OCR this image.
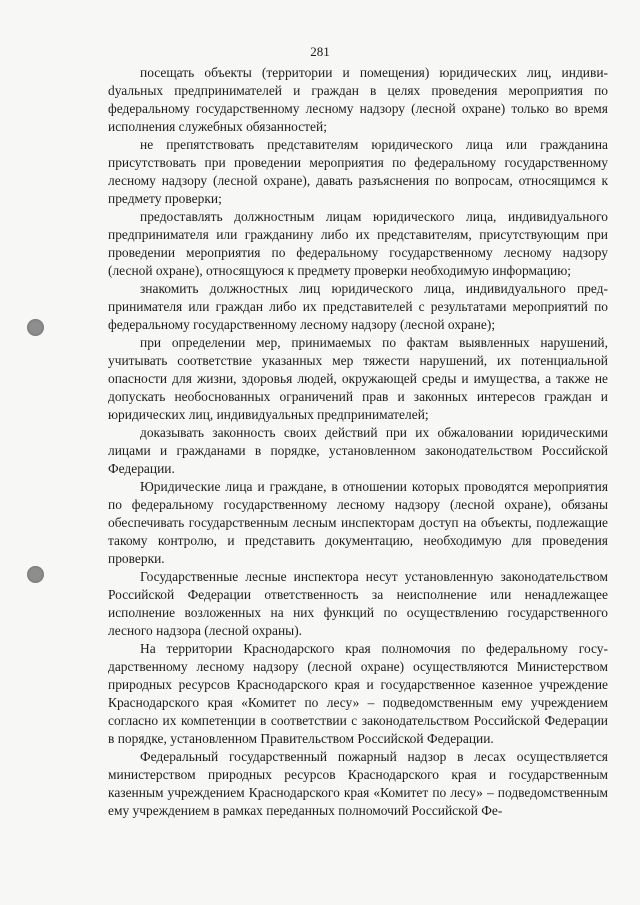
281

посещать объекты (территории и помещения) юридических лиц, индивиdуальных предпринимателей и граждан в целях проведения мероприятия по федеральному государственному лесному надзору (лесной охране) только во время исполнения служебных обязанностей;

не препятствовать представителям юридического лица или гражданина присутствовать при проведении мероприятия по федеральному государственному лесному надзору (лесной охране), давать разъяснения по вопросам, относящимся к предмету проверки;

предоставлять должностным лицам юридического лица, индивидуального предпринимателя или гражданину либо их представителям, присутствующим при проведении мероприятия по федеральному государственному лесному надзору (лесной охране), относящуюся к предмету проверки необходимую информацию;

знакомить должностных лиц юридического лица, индивидуального предпринимателя или граждан либо их представителей с результатами мероприятий по федеральному государственному лесному надзору (лесной охране);

при определении мер, принимаемых по фактам выявленных нарушений, учитывать соответствие указанных мер тяжести нарушений, их потенциальной опасности для жизни, здоровья людей, окружающей среды и имущества, а также не допускать необоснованных ограничений прав и законных интересов граждан и юридических лиц, индивидуальных предпринимателей;

доказывать законность своих действий при их обжаловании юридическими лицами и гражданами в порядке, установленном законодательством Российской Федерации.

Юридические лица и граждане, в отношении которых проводятся мероприятия по федеральному государственному лесному надзору (лесной охране), обязаны обеспечивать государственным лесным инспекторам доступ на объекты, подлежащие такому контролю, и представить документацию, необходимую для проведения проверки.

Государственные лесные инспектора несут установленную законодательством Российской Федерации ответственность за неисполнение или ненадлежащее исполнение возложенных на них функций по осуществлению государственного лесного надзора (лесной охраны).

На территории Краснодарского края полномочия по федеральному государственному лесному надзору (лесной охране) осуществляются Министерством природных ресурсов Краснодарского края и государственное казенное учреждение Краснодарского края «Комитет по лесу» – подведомственным ему учреждением согласно их компетенции в соответствии с законодательством Российской Федерации в порядке, установленном Правительством Российской Федерации.

Федеральный государственный пожарный надзор в лесах осуществляется министерством природных ресурсов Краснодарского края и государственным казенным учреждением Краснодарского края «Комитет по лесу» – подведомственным ему учреждением в рамках переданных полномочий Российской Фе-
